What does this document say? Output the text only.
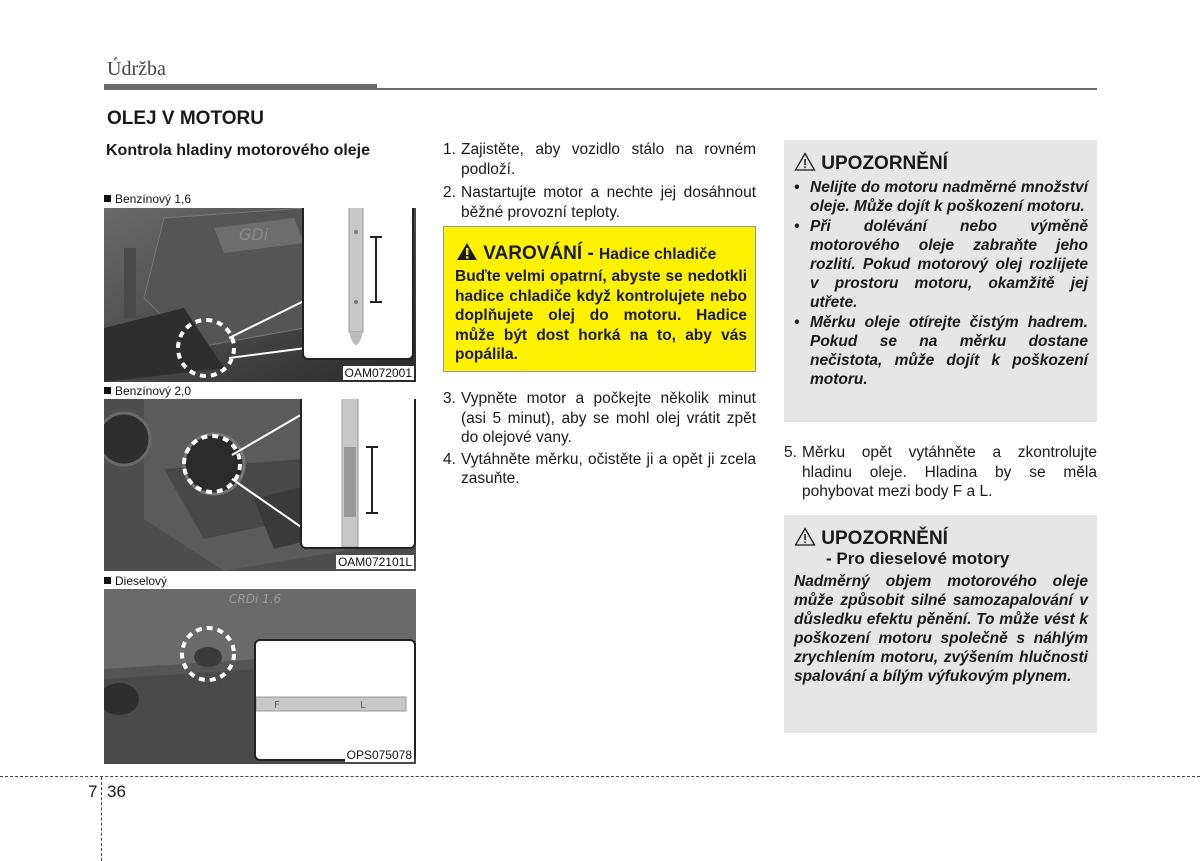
Údržba
OLEJ V MOTORU
Kontrola hladiny motorového oleje
Benzínový 1,6
GDi
OAM072001
Benzínový 2,0
OAM072101L
Dieselový
CRDi 1.6
F	L
OPS075078
1. Zajistěte, aby vozidlo stálo na rovném podloží.
2. Nastartujte motor a nechte jej dosáhnout běžné provozní teploty.
VAROVÁNÍ - Hadice chladiče
Buďte velmi opatrní, abyste se nedotkli hadice chladiče když kontrolujete nebo doplňujete olej do motoru. Hadice může být dost horká na to, aby vás popálila.
3. Vypněte motor a počkejte několik minut (asi 5 minut), aby se mohl olej vrátit zpět do olejové vany.
4. Vytáhněte měrku, očistěte ji a opět ji zcela zasuňte.
UPOZORNĚNÍ
• Nelijte do motoru nadměrné množství oleje. Může dojít k poškození motoru.
• Při dolévání nebo výměně motorového oleje zabraňte jeho rozlití. Pokud motorový olej rozlijete v prostoru motoru, okamžitě jej utřete.
• Měrku oleje otírejte čistým hadrem. Pokud se na měrku dostane nečistota, může dojít k poškození motoru.
5. Měrku opět vytáhněte a zkontrolujte hladinu oleje. Hladina by se měla pohybovat mezi body F a L.
UPOZORNĚNÍ
- Pro dieselové motory
Nadměrný objem motorového oleje může způsobit silné samozapalování v důsledku efektu pěnění. To může vést k poškození motoru společně s náhlým zrychlením motoru, zvýšením hlučnosti spalování a bílým výfukovým plynem.
7 36
